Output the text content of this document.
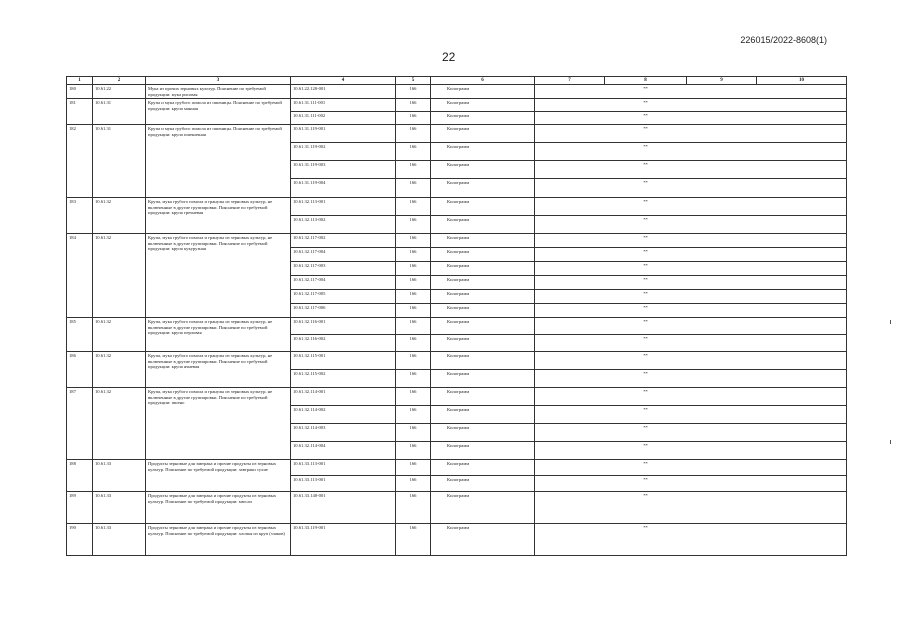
226015/2022-8608(1)
22
1	2	3	4	5	6	7	8	9	10
180	10.61.22	Мука из прочих зерновых культур. Пояснение по требуемой продукции: мука рисовая	10.61.22.120-001	166	Килограмм		**		
181	10.61.31	Крупа и мука грубого помола из пшеницы. Пояснение по требуемой продукции: крупа манная	10.61.31.111-001	166	Килограмм		**		
			10.61.31.111-002	166	Килограмм		**		
182	10.61.31	Крупа и мука грубого помола из пшеницы. Пояснение по требуемой продукции: крупа пшеничная	10.61.31.119-001	166	Килограмм		**		
			10.61.31.119-002	166	Килограмм		**		
			10.61.31.119-003	166	Килограмм		**		
			10.61.31.119-004	166	Килограмм		**		
183	10.61.32	Крупа, мука грубого помола и гранулы из зерновых культур, не включенные в другие группировки. Пояснение по требуемой продукции: крупа гречневая	10.61.32.113-001	166	Килограмм		**		
			10.61.32.113-002	166	Килограмм		**		
184	10.61.32	Крупа, мука грубого помола и гранулы из зерновых культур, не включенные в другие группировки. Пояснение по требуемой продукции: крупа кукурузная	10.61.32.117-002	166	Килограмм		**		
			10.61.32.117-004	166	Килограмм		**		
			10.61.32.117-003	166	Килограмм		**		
			10.61.32.117-004	166	Килограмм		**		
			10.61.32.117-005	166	Килограмм		**		
			10.61.32.117-006	166	Килограмм		**		
185	10.61.32	Крупа, мука грубого помола и гранулы из зерновых культур, не включенные в другие группировки. Пояснение по требуемой продукции: крупа перловая	10.61.32.116-001	166	Килограмм		**		
			10.61.32.116-002	166	Килограмм		**		
186	10.61.32	Крупа, мука грубого помола и гранулы из зерновых культур, не включенные в другие группировки. Пояснение по требуемой продукции: крупа ячневая	10.61.32.115-001	166	Килограмм		**		
			10.61.32.115-002	166	Килограмм		**		
187	10.61.32	Крупа, мука грубого помола и гранулы из зерновых культур, не включенные в другие группировки. Пояснение по требуемой продукции: пшено	10.61.32.114-001	166	Килограмм		**		
			10.61.32.114-002	166	Килограмм		**		
			10.61.32.114-003	166	Килограмм		**		
			10.61.32.114-004	166	Килограмм		**		
188	10.61.33	Продукты зерновые для завтрака и прочие продукты из зерновых культур. Пояснение по требуемой продукции: завтраки сухие	10.61.33.113-001	166	Килограмм		**		
			10.61.33.113-001	166	Килограмм		**		
189	10.61.33	Продукты зерновые для завтрака и прочие продукты из зерновых культур. Пояснение по требуемой продукции: мюсли	10.61.33.140-001	166	Килограмм		**		
190	10.61.33	Продукты зерновые для завтрака и прочие продукты из зерновых культур. Пояснение по требуемой продукции: хлопья из круп (злаков)	10.61.33.119-001	166	Килограмм		**		
